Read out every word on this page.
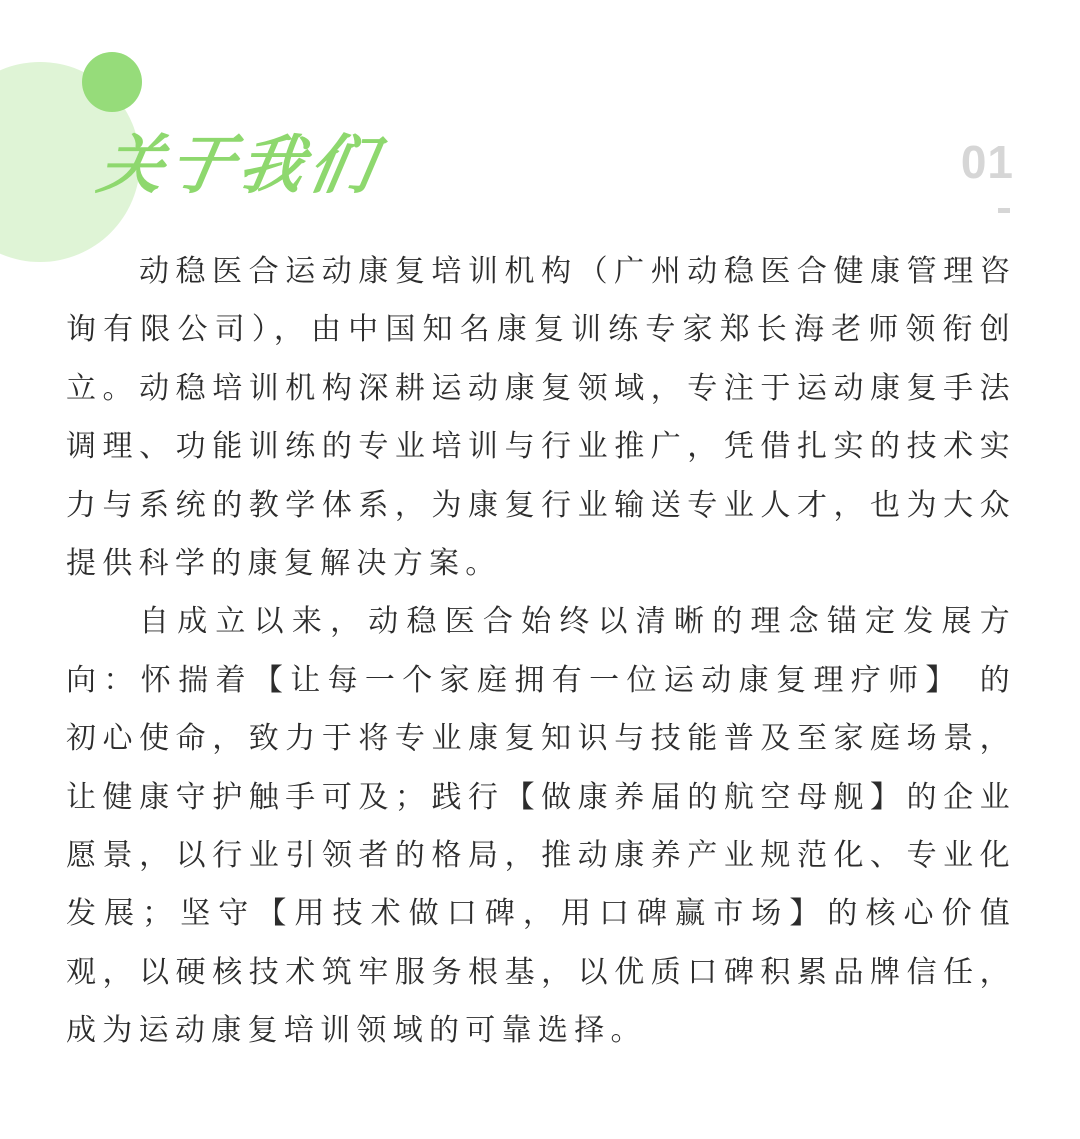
关于我们	01

动稳医合运动康复培训机构（广州动稳医合健康管理咨询有限公司），由中国知名康复训练专家郑长海老师领衔创立。动稳培训机构深耕运动康复领域，专注于运动康复手法调理、功能训练的专业培训与行业推广，凭借扎实的技术实力与系统的教学体系，为康复行业输送专业人才，也为大众提供科学的康复解决方案。

自成立以来，动稳医合始终以清晰的理念锚定发展方向：怀揣着【让每一个家庭拥有一位运动康复理疗师】 的初心使命，致力于将专业康复知识与技能普及至家庭场景，让健康守护触手可及；践行【做康养届的航空母舰】的企业愿景，以行业引领者的格局，推动康养产业规范化、专业化发展；坚守【用技术做口碑，用口碑赢市场】的核心价值观，以硬核技术筑牢服务根基，以优质口碑积累品牌信任，成为运动康复培训领域的可靠选择。
